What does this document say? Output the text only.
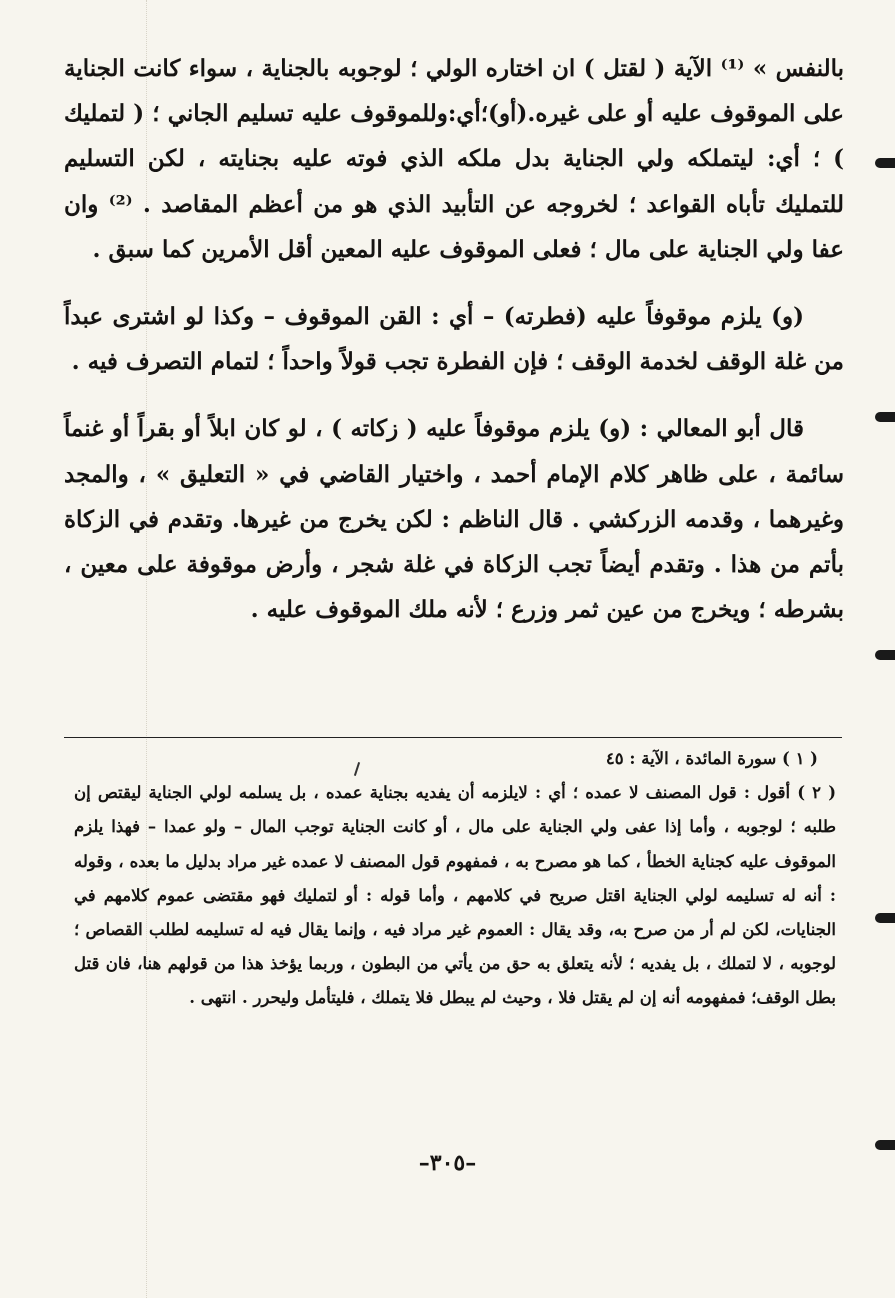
بالنفس » ⁽¹⁾ الآية ( لقتل ) ان اختاره الولي ؛ لوجوبه بالجناية ، سواء كانت الجناية على الموقوف عليه أو على غيره.(أو)؛أي:وللموقوف عليه تسليم الجاني ؛ ( لتمليك ) ؛ أي: ليتملكه ولي الجناية بدل ملكه الذي فوته عليه بجنايته ، لكن التسليم للتمليك تأباه القواعد ؛ لخروجه عن التأبيد الذي هو من أعظم المقاصد . ⁽²⁾ وان عفا ولي الجناية على مال ؛ فعلى الموقوف عليه المعين أقل الأمرين كما سبق .

(و) يلزم موقوفاً عليه (فطرته) – أي : القن الموقوف – وكذا لو اشترى عبداً من غلة الوقف لخدمة الوقف ؛ فإن الفطرة تجب قولاً واحداً ؛ لتمام التصرف فيه .

قال أبو المعالي : (و) يلزم موقوفاً عليه ( زكاته ) ، لو كان ابلاً أو بقراً أو غنماً سائمة ، على ظاهر كلام الإمام أحمد ، واختيار القاضي في « التعليق » ، والمجد وغيرهما ، وقدمه الزركشي . قال الناظم : لكن يخرج من غيرها. وتقدم في الزكاة بأتم من هذا . وتقدم أيضاً تجب الزكاة في غلة شجر ، وأرض موقوفة على معين ، بشرطه ؛ ويخرج من عين ثمر وزرع ؛ لأنه ملك الموقوف عليه .

( ١ ) سورة المائدة ، الآية : ٤٥

( ٢ ) أقول : قول المصنف لا عمده ؛ أي : لايلزمه أن يفديه بجناية عمده ، بل يسلمه لولي الجناية ليقتص إن طلبه ؛ لوجوبه ، وأما إذا عفى ولي الجناية على مال ، أو كانت الجناية توجب المال – ولو عمدا – فهذا يلزم الموقوف عليه كجناية الخطأ ، كما هو مصرح به ، فمفهوم قول المصنف لا عمده غير مراد بدليل ما بعده ، وقوله : أنه له تسليمه لولي الجناية اقتل صريح في كلامهم ، وأما قوله : أو لتمليك فهو مقتضى عموم كلامهم في الجنايات، لكن لم أر من صرح به، وقد يقال : العموم غير مراد فيه ، وإنما يقال فيه له تسليمه لطلب القصاص ؛ لوجوبه ، لا لتملك ، بل يفديه ؛ لأنه يتعلق به حق من يأتي من البطون ، وربما يؤخذ هذا من قولهم هنا، فان قتل بطل الوقف؛ فمفهومه أنه إن لم يقتل فلا ، وحيث لم يبطل فلا يتملك ، فليتأمل وليحرر . انتهى .

–٣٠٥–
